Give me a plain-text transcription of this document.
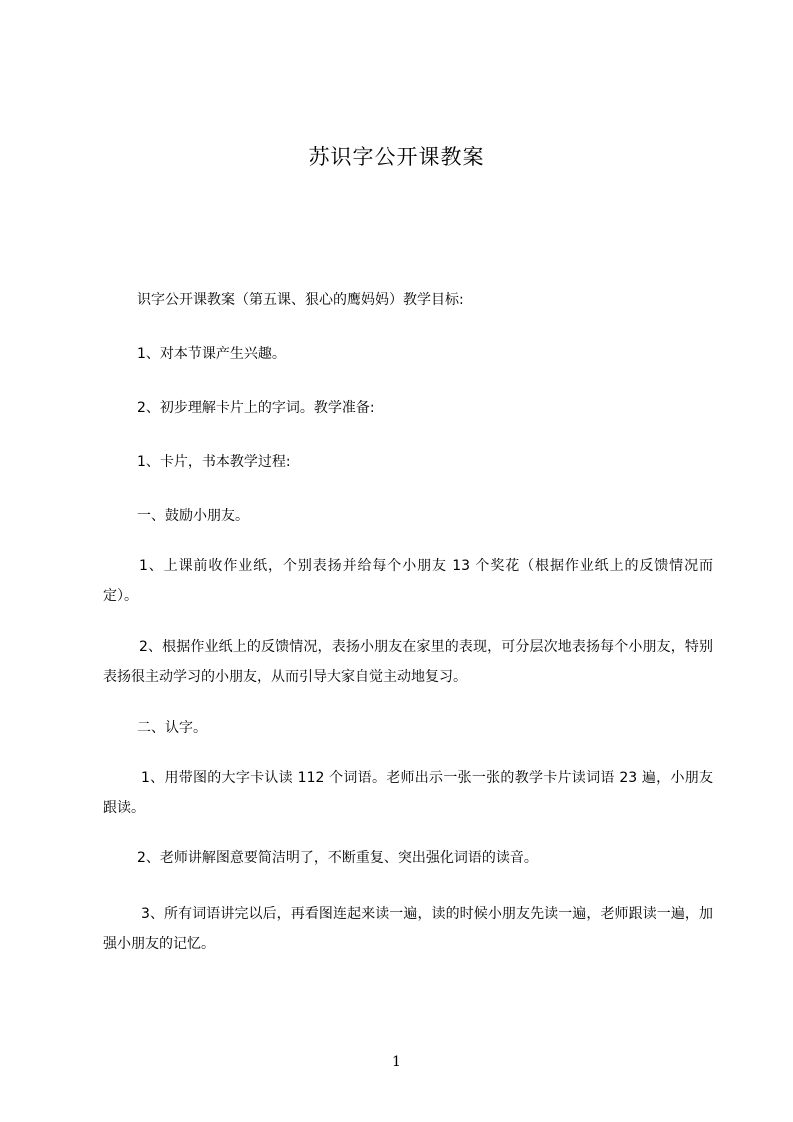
苏识字公开课教案

识字公开课教案（第五课、狠心的鹰妈妈）教学目标:

1、对本节课产生兴趣。

2、初步理解卡片上的字词。教学准备:

1、卡片，书本教学过程:

一、鼓励小朋友。

1、上课前收作业纸，个别表扬并给每个小朋友 13 个奖花（根据作业纸上的反馈情况而定）。

2、根据作业纸上的反馈情况，表扬小朋友在家里的表现，可分层次地表扬每个小朋友，特别表扬很主动学习的小朋友，从而引导大家自觉主动地复习。

二、认字。

1、用带图的大字卡认读 112 个词语。老师出示一张一张的教学卡片读词语 23 遍，小朋友跟读。

2、老师讲解图意要简洁明了，不断重复、突出强化词语的读音。

3、所有词语讲完以后，再看图连起来读一遍，读的时候小朋友先读一遍，老师跟读一遍，加强小朋友的记忆。

1
